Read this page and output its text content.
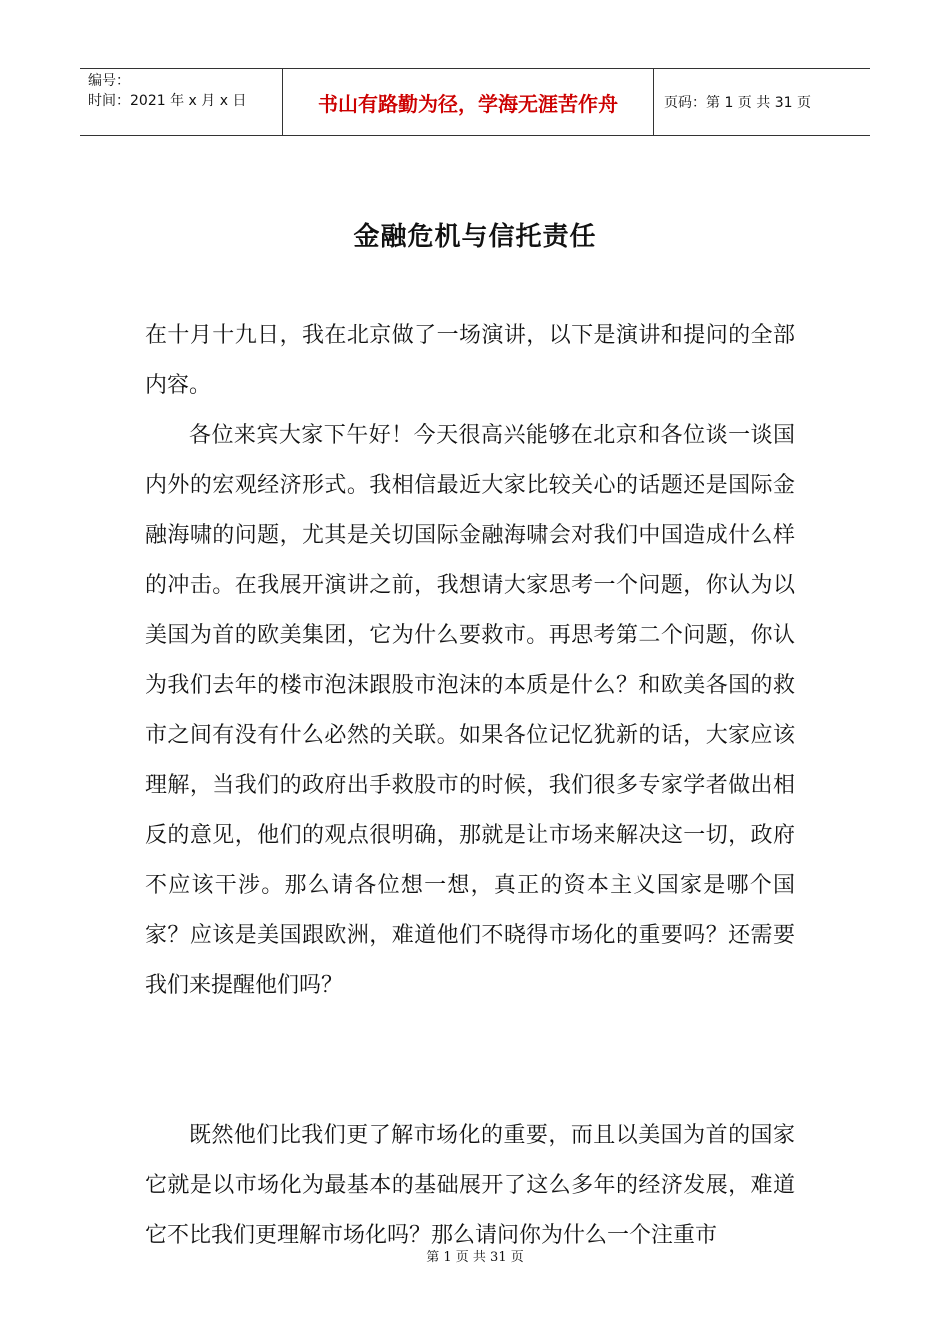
编号：
时间：2021 年 x 月 x 日	书山有路勤为径，学海无涯苦作舟	页码：第 1 页 共 31 页
金融危机与信托责任

在十月十九日，我在北京做了一场演讲，以下是演讲和提问的全部内容。

各位来宾大家下午好！今天很高兴能够在北京和各位谈一谈国内外的宏观经济形式。我相信最近大家比较关心的话题还是国际金融海啸的问题，尤其是关切国际金融海啸会对我们中国造成什么样的冲击。在我展开演讲之前，我想请大家思考一个问题，你认为以美国为首的欧美集团，它为什么要救市。再思考第二个问题，你认为我们去年的楼市泡沫跟股市泡沫的本质是什么？和欧美各国的救市之间有没有什么必然的关联。如果各位记忆犹新的话，大家应该理解，当我们的政府出手救股市的时候，我们很多专家学者做出相反的意见，他们的观点很明确，那就是让市场来解决这一切，政府不应该干涉。那么请各位想一想，真正的资本主义国家是哪个国家？应该是美国跟欧洲，难道他们不晓得市场化的重要吗？还需要我们来提醒他们吗？

既然他们比我们更了解市场化的重要，而且以美国为首的国家它就是以市场化为最基本的基础展开了这么多年的经济发展，难道它不比我们更理解市场化吗？那么请问你为什么一个注重市

第 1 页 共 31 页
